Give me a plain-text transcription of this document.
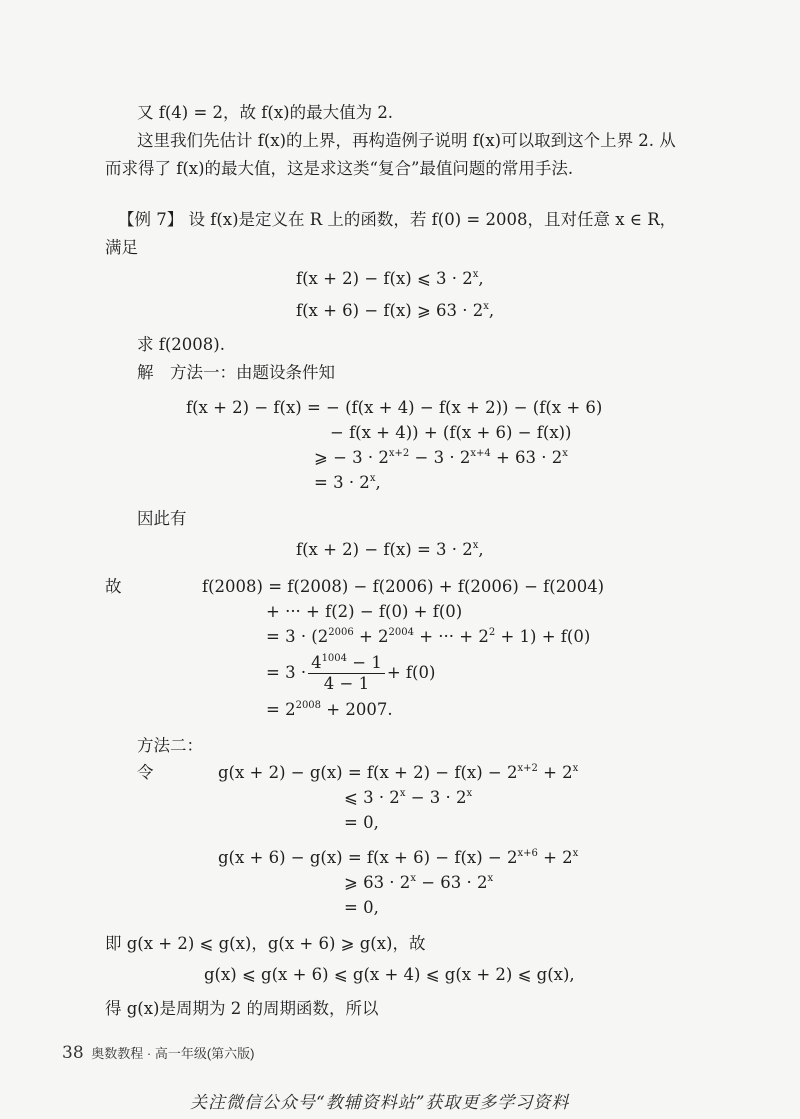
又 f(4) = 2，故 f(x)的最大值为 2.
这里我们先估计 f(x)的上界，再构造例子说明 f(x)可以取到这个上界 2. 从
而求得了 f(x)的最大值，这是求这类“复合”最值问题的常用手法.
【例 7】 设 f(x)是定义在 R 上的函数，若 f(0) = 2008，且对任意 x ∈ R，
满足
f(x + 2) − f(x) ⩽ $3 \cdot 2^x$,
f(x + 6) − f(x) ⩾ $63 \cdot 2^x$,
求 f(2008).
解　方法一：由题设条件知
f(x + 2) − f(x) = − (f(x + 4) − f(x + 2)) − (f(x + 6)
− f(x + 4)) + (f(x + 6) − f(x))
⩾ − $3 \cdot 2^{x+2} - 3 \cdot 2^{x+4} + 63 \cdot 2^x$
= $3 \cdot 2^x$,
因此有
$f(x + 2) - f(x) = 3 \cdot 2^x$,
故	f(2008) = f(2008) − f(2006) + f(2006) − f(2004)
+ ··· + f(2) − f(0) + f(0)
= $3 \cdot (2^{2006} + 2^{2004}$ + ··· + $2^2 + 1) + f(0)$
= $3 \cdot \frac{4^{1004} - 1}{4 - 1} + f(0)$
= $2^{2008} + 2007$.
方法二：
令	$g(x + 2) - g(x) = f(x + 2) - f(x) - 2^{x+2} + 2^x$
⩽ $3 \cdot 2^x - 3 \cdot 2^x$
= 0,
$g(x + 6) - g(x) = f(x + 6) - f(x) - 2^{x+6} + 2^x$
⩾ $63 \cdot 2^x - 63 \cdot 2^x$
= 0,
即 g(x + 2) ⩽ g(x)，g(x + 6) ⩾ g(x)，故
g(x) ⩽ g(x + 6) ⩽ g(x + 4) ⩽ g(x + 2) ⩽ g(x),
得 g(x)是周期为 2 的周期函数，所以
38 奥数教程 · 高一年级(第六版)
关注微信公众号“教辅资料站”获取更多学习资料
